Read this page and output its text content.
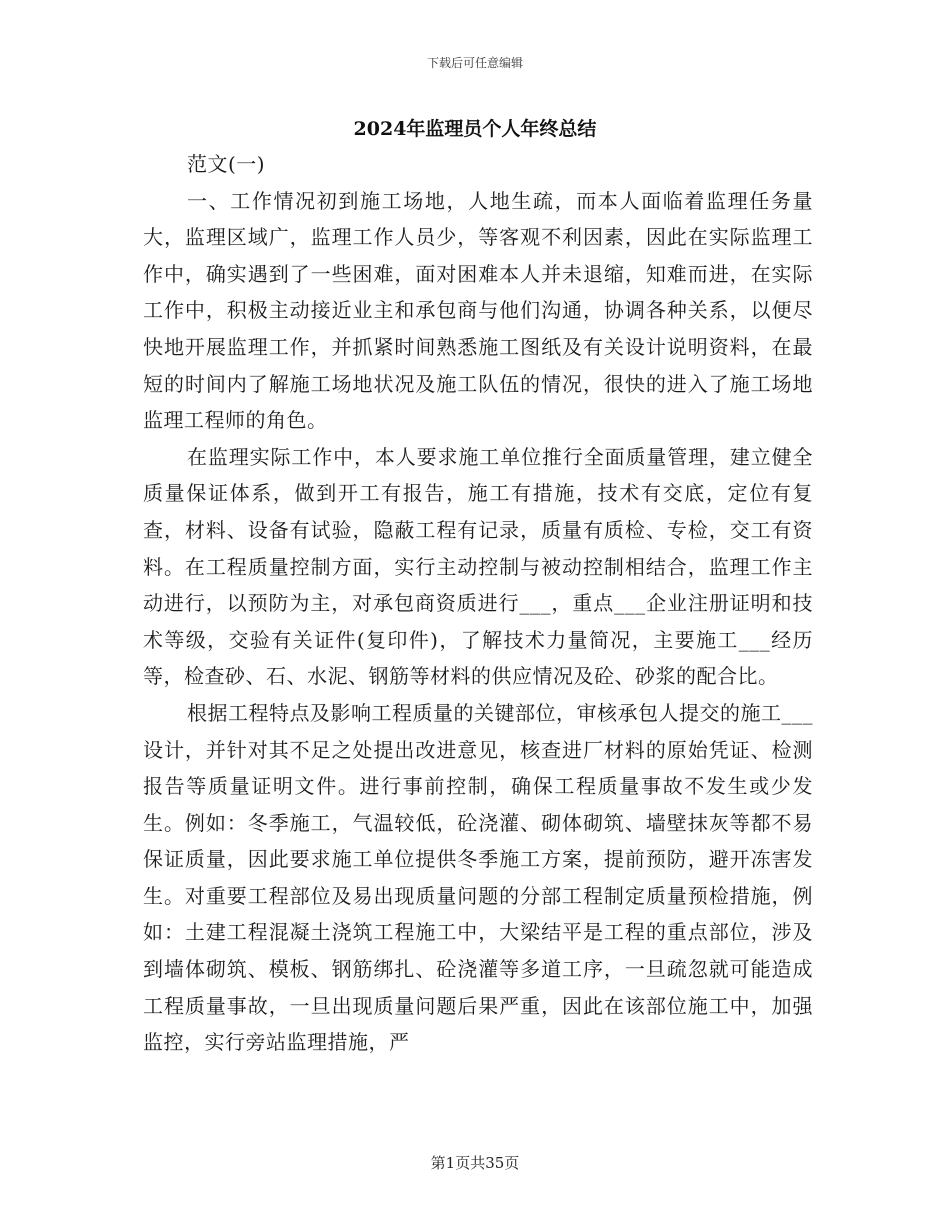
下载后可任意编辑
2024年监理员个人年终总结

范文(一)

一、工作情况初到施工场地，人地生疏，而本人面临着监理任务量大，监理区域广，监理工作人员少，等客观不利因素，因此在实际监理工作中，确实遇到了一些困难，面对困难本人并未退缩，知难而进，在实际工作中，积极主动接近业主和承包商与他们沟通，协调各种关系，以便尽快地开展监理工作，并抓紧时间熟悉施工图纸及有关设计说明资料，在最短的时间内了解施工场地状况及施工队伍的情况，很快的进入了施工场地监理工程师的角色。

在监理实际工作中，本人要求施工单位推行全面质量管理，建立健全质量保证体系，做到开工有报告，施工有措施，技术有交底，定位有复查，材料、设备有试验，隐蔽工程有记录，质量有质检、专检，交工有资料。在工程质量控制方面，实行主动控制与被动控制相结合，监理工作主动进行，以预防为主，对承包商资质进行___，重点___企业注册证明和技术等级，交验有关证件(复印件)，了解技术力量简况，主要施工___经历等，检查砂、石、水泥、钢筋等材料的供应情况及砼、砂浆的配合比。

根据工程特点及影响工程质量的关键部位，审核承包人提交的施工___设计，并针对其不足之处提出改进意见，核查进厂材料的原始凭证、检测报告等质量证明文件。进行事前控制，确保工程质量事故不发生或少发生。例如：冬季施工，气温较低，砼浇灌、砌体砌筑、墙壁抹灰等都不易保证质量，因此要求施工单位提供冬季施工方案，提前预防，避开冻害发生。对重要工程部位及易出现质量问题的分部工程制定质量预检措施，例如：土建工程混凝土浇筑工程施工中，大梁结平是工程的重点部位，涉及到墙体砌筑、模板、钢筋绑扎、砼浇灌等多道工序，一旦疏忽就可能造成工程质量事故，一旦出现质量问题后果严重，因此在该部位施工中，加强监控，实行旁站监理措施，严

第1页共35页
